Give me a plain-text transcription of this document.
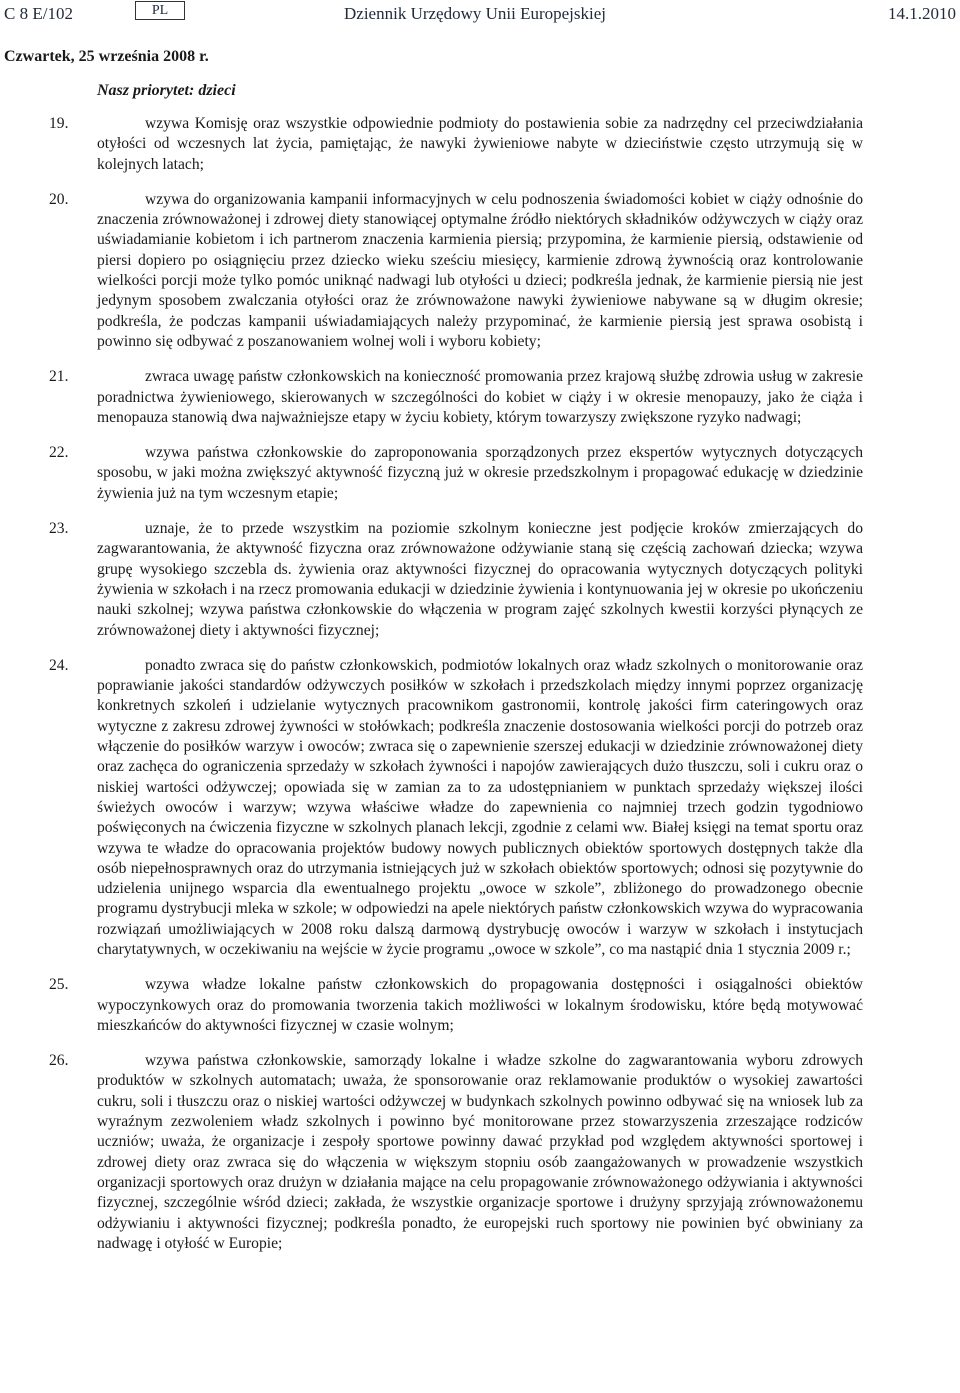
C 8 E/102	PL	Dziennik Urzędowy Unii Europejskiej	14.1.2010
Czwartek, 25 września 2008 r.
Nasz priorytet: dzieci

19.	wzywa Komisję oraz wszystkie odpowiednie podmioty do postawienia sobie za nadrzędny cel przeciwdziałania otyłości od wczesnych lat życia, pamiętając, że nawyki żywieniowe nabyte w dzieciństwie często utrzymują się w kolejnych latach;

20.	wzywa do organizowania kampanii informacyjnych w celu podnoszenia świadomości kobiet w ciąży odnośnie do znaczenia zrównoważonej i zdrowej diety stanowiącej optymalne źródło niektórych składników odżywczych w ciąży oraz uświadamianie kobietom i ich partnerom znaczenia karmienia piersią; przypomina, że karmienie piersią, odstawienie od piersi dopiero po osiągnięciu przez dziecko wieku sześciu miesięcy, karmienie zdrową żywnością oraz kontrolowanie wielkości porcji może tylko pomóc uniknąć nadwagi lub otyłości u dzieci; podkreśla jednak, że karmienie piersią nie jest jedynym sposobem zwalczania otyłości oraz że zrównoważone nawyki żywieniowe nabywane są w długim okresie; podkreśla, że podczas kampanii uświadamiających należy przypominać, że karmienie piersią jest sprawa osobistą i powinno się odbywać z poszanowaniem wolnej woli i wyboru kobiety;

21.	zwraca uwagę państw członkowskich na konieczność promowania przez krajową służbę zdrowia usług w zakresie poradnictwa żywieniowego, skierowanych w szczególności do kobiet w ciąży i w okresie menopauzy, jako że ciąża i menopauza stanowią dwa najważniejsze etapy w życiu kobiety, którym towarzyszy zwiększone ryzyko nadwagi;

22.	wzywa państwa członkowskie do zaproponowania sporządzonych przez ekspertów wytycznych dotyczących sposobu, w jaki można zwiększyć aktywność fizyczną już w okresie przedszkolnym i propagować edukację w dziedzinie żywienia już na tym wczesnym etapie;

23.	uznaje, że to przede wszystkim na poziomie szkolnym konieczne jest podjęcie kroków zmierzających do zagwarantowania, że aktywność fizyczna oraz zrównoważone odżywianie staną się częścią zachowań dziecka; wzywa grupę wysokiego szczebla ds. żywienia oraz aktywności fizycznej do opracowania wytycznych dotyczących polityki żywienia w szkołach i na rzecz promowania edukacji w dziedzinie żywienia i kontynuowania jej w okresie po ukończeniu nauki szkolnej; wzywa państwa członkowskie do włączenia w program zajęć szkolnych kwestii korzyści płynących ze zrównoważonej diety i aktywności fizycznej;

24.	ponadto zwraca się do państw członkowskich, podmiotów lokalnych oraz władz szkolnych o monitorowanie oraz poprawianie jakości standardów odżywczych posiłków w szkołach i przedszkolach między innymi poprzez organizację konkretnych szkoleń i udzielanie wytycznych pracownikom gastronomii, kontrolę jakości firm cateringowych oraz wytyczne z zakresu zdrowej żywności w stołówkach; podkreśla znaczenie dostosowania wielkości porcji do potrzeb oraz włączenie do posiłków warzyw i owoców; zwraca się o zapewnienie szerszej edukacji w dziedzinie zrównoważonej diety oraz zachęca do ograniczenia sprzedaży w szkołach żywności i napojów zawierających dużo tłuszczu, soli i cukru oraz o niskiej wartości odżywczej; opowiada się w zamian za to za udostępnianiem w punktach sprzedaży większej ilości świeżych owoców i warzyw; wzywa właściwe władze do zapewnienia co najmniej trzech godzin tygodniowo poświęconych na ćwiczenia fizyczne w szkolnych planach lekcji, zgodnie z celami ww. Białej księgi na temat sportu oraz wzywa te władze do opracowania projektów budowy nowych publicznych obiektów sportowych dostępnych także dla osób niepełnosprawnych oraz do utrzymania istniejących już w szkołach obiektów sportowych; odnosi się pozytywnie do udzielenia unijnego wsparcia dla ewentualnego projektu „owoce w szkole”, zbliżonego do prowadzonego obecnie programu dystrybucji mleka w szkole; w odpowiedzi na apele niektórych państw członkowskich wzywa do wypracowania rozwiązań umożliwiających w 2008 roku dalszą darmową dystrybucję owoców i warzyw w szkołach i instytucjach charytatywnych, w oczekiwaniu na wejście w życie programu „owoce w szkole”, co ma nastąpić dnia 1 stycznia 2009 r.;

25.	wzywa władze lokalne państw członkowskich do propagowania dostępności i osiągalności obiektów wypoczynkowych oraz do promowania tworzenia takich możliwości w lokalnym środowisku, które będą motywować mieszkańców do aktywności fizycznej w czasie wolnym;

26.	wzywa państwa członkowskie, samorządy lokalne i władze szkolne do zagwarantowania wyboru zdrowych produktów w szkolnych automatach; uważa, że sponsorowanie oraz reklamowanie produktów o wysokiej zawartości cukru, soli i tłuszczu oraz o niskiej wartości odżywczej w budynkach szkolnych powinno odbywać się na wniosek lub za wyraźnym zezwoleniem władz szkolnych i powinno być monitorowane przez stowarzyszenia zrzeszające rodziców uczniów; uważa, że organizacje i zespoły sportowe powinny dawać przykład pod względem aktywności sportowej i zdrowej diety oraz zwraca się do włączenia w większym stopniu osób zaangażowanych w prowadzenie wszystkich organizacji sportowych oraz drużyn w działania mające na celu propagowanie zrównoważonego odżywiania i aktywności fizycznej, szczególnie wśród dzieci; zakłada, że wszystkie organizacje sportowe i drużyny sprzyjają zrównoważonemu odżywianiu i aktywności fizycznej; podkreśla ponadto, że europejski ruch sportowy nie powinien być obwiniany za nadwagę i otyłość w Europie;
